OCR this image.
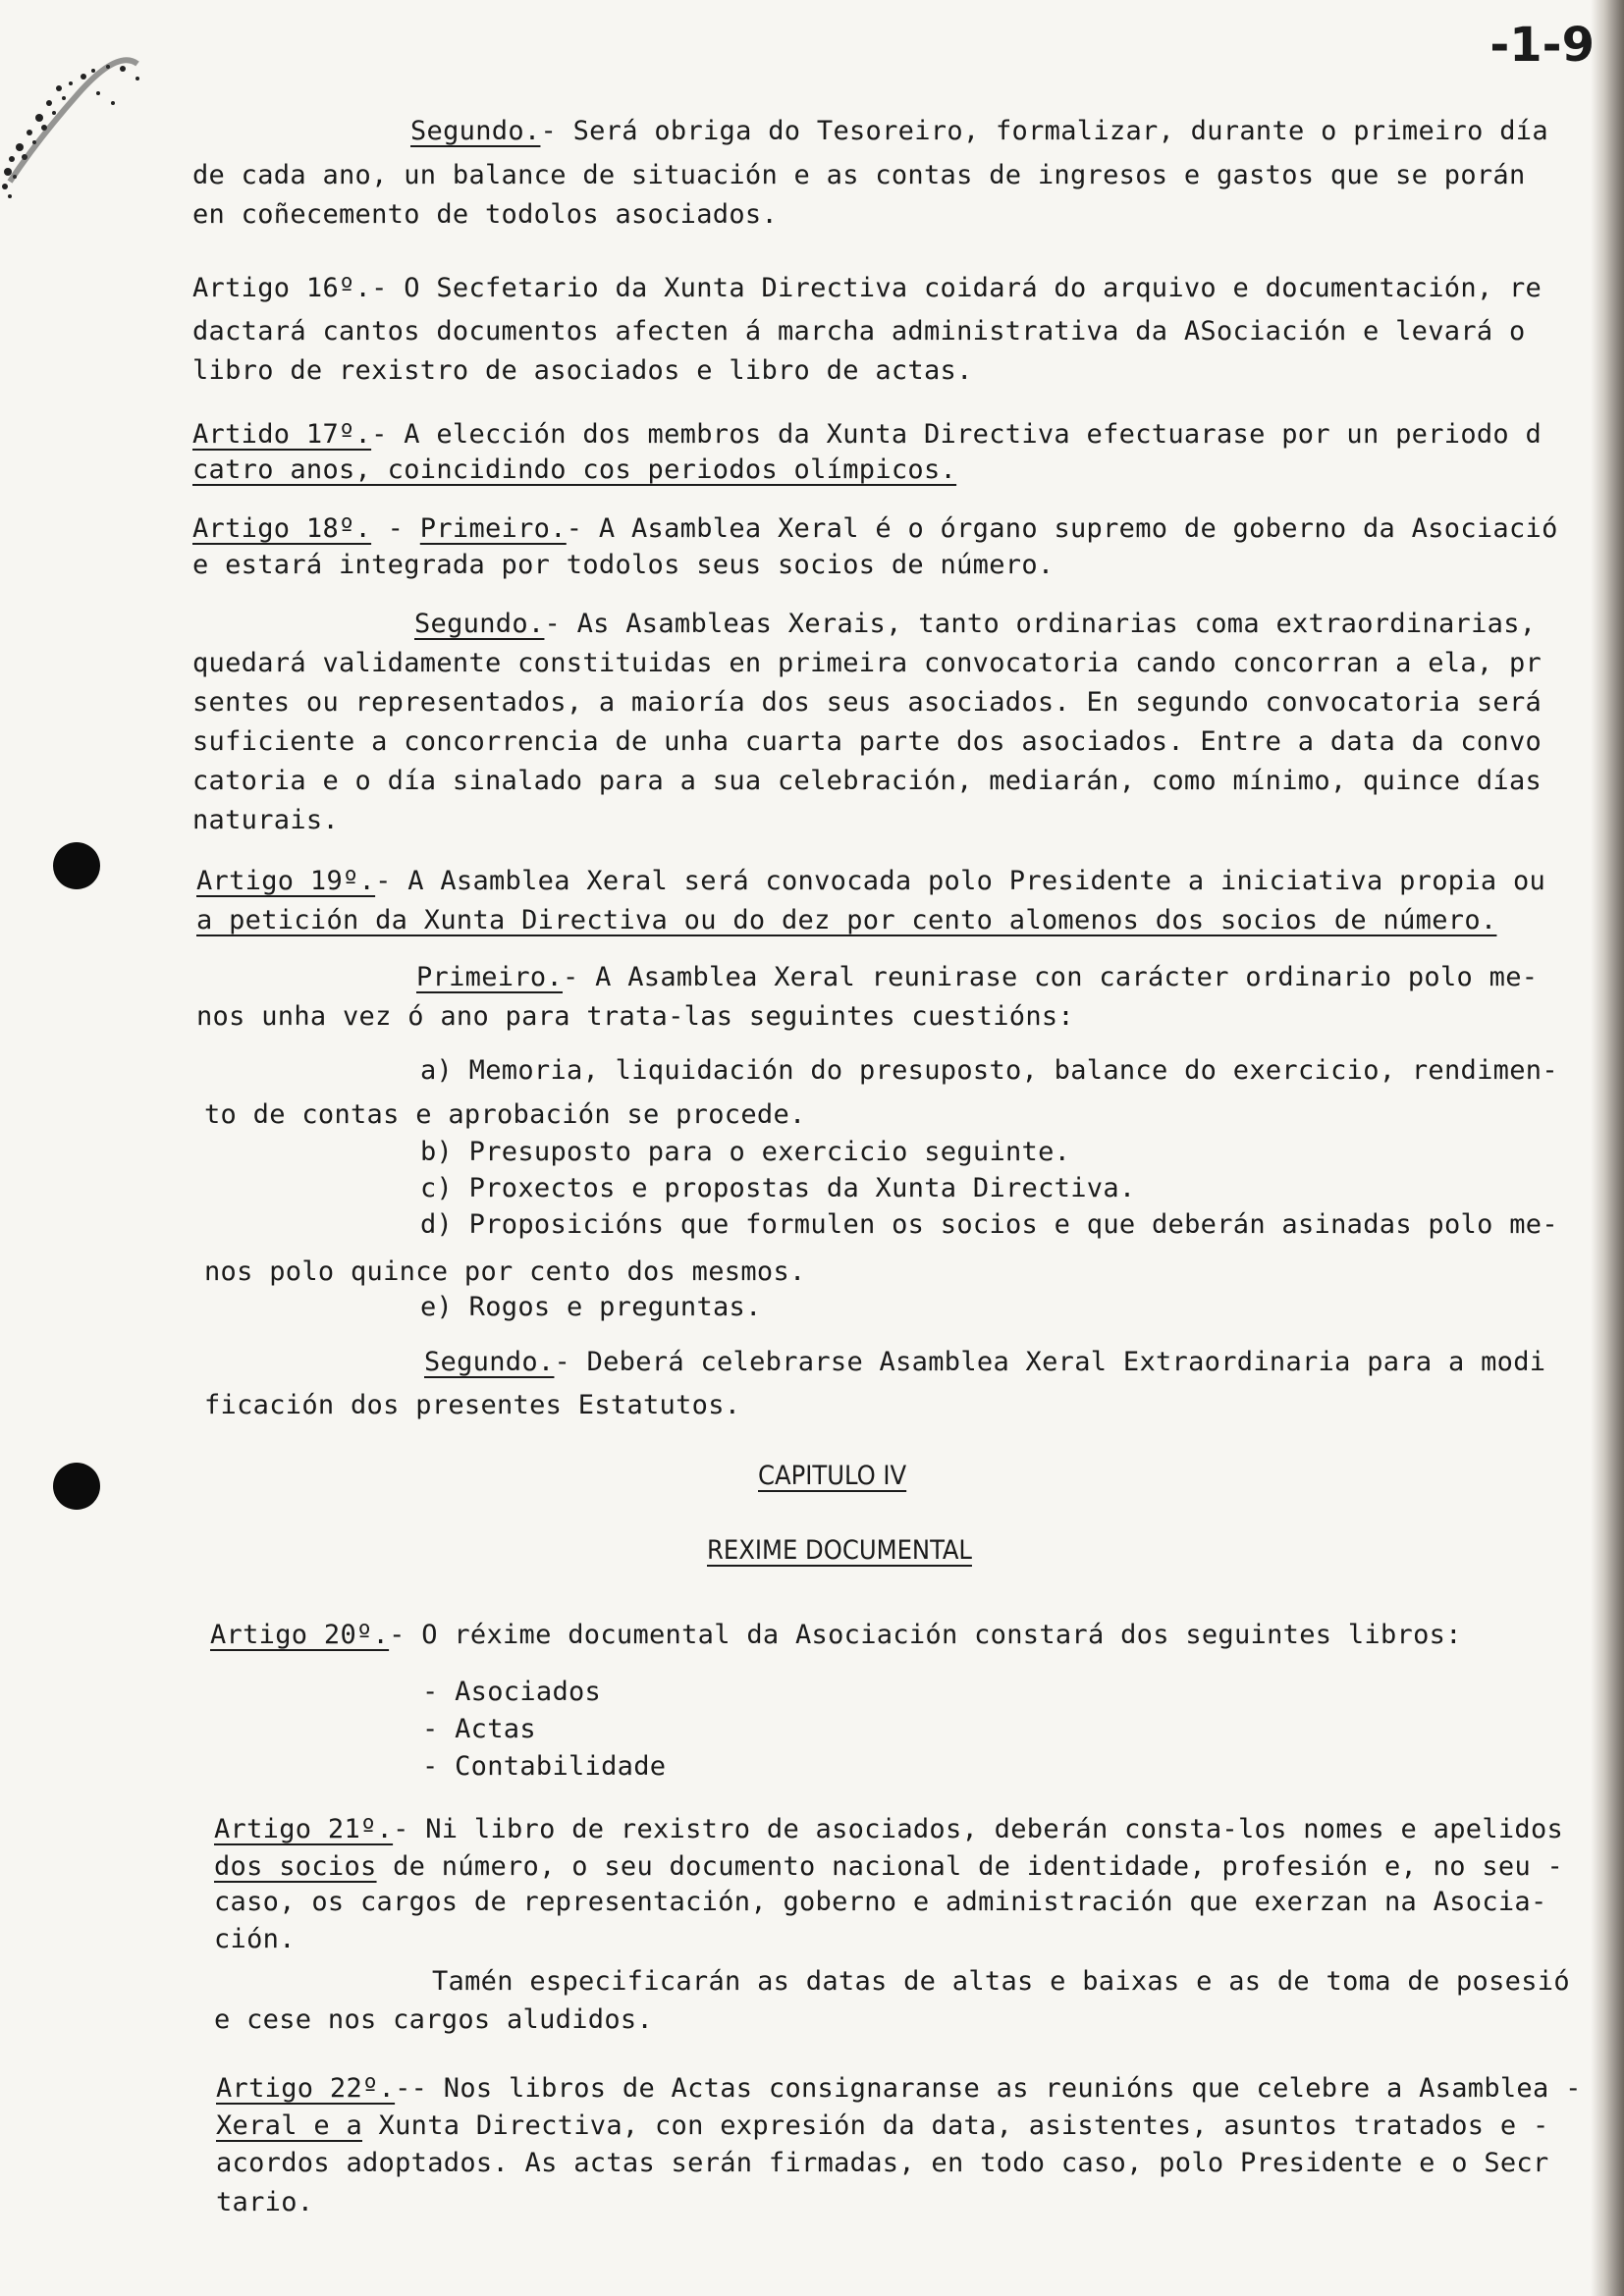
-1-9
Segundo.- Será obriga do Tesoreiro, formalizar, durante o primeiro día
de cada ano, un balance de situación e as contas de ingresos e gastos que se porán
en coñecemento de todolos asociados.
Artigo 16º.- O Secfetario da Xunta Directiva coidará do arquivo e documentación, re
dactará cantos documentos afecten á marcha administrativa da ASociación e levará o
libro de rexistro de asociados e libro de actas.
Artido 17º.- A elección dos membros da Xunta Directiva efectuarase por un periodo d
catro anos, coincidindo cos periodos olímpicos.
Artigo 18º. - Primeiro.- A Asamblea Xeral é o órgano supremo de goberno da Asociació
e estará integrada por todolos seus socios de número.
Segundo.- As Asambleas Xerais, tanto ordinarias coma extraordinarias,
quedará validamente constituidas en primeira convocatoria cando concorran a ela, pr
sentes ou representados, a maioría dos seus asociados. En segundo convocatoria será
suficiente a concorrencia de unha cuarta parte dos asociados. Entre a data da convo
catoria e o día sinalado para a sua celebración, mediarán, como mínimo, quince días
naturais.
Artigo 19º.- A Asamblea Xeral será convocada polo Presidente a iniciativa propia ou
a petición da Xunta Directiva ou do dez por cento alomenos dos socios de número.
Primeiro.- A Asamblea Xeral reunirase con carácter ordinario polo me-
nos unha vez ó ano para trata-las seguintes cuestións:
a) Memoria, liquidación do presuposto, balance do exercicio, rendimen-
to de contas e aprobación se procede.
b) Presuposto para o exercicio seguinte.
c) Proxectos e propostas da Xunta Directiva.
d) Proposicións que formulen os socios e que deberán asinadas polo me-
nos polo quince por cento dos mesmos.
e) Rogos e preguntas.
Segundo.- Deberá celebrarse Asamblea Xeral Extraordinaria para a modi
ficación dos presentes Estatutos.
CAPITULO IV
REXIME DOCUMENTAL
Artigo 20º.- O réxime documental da Asociación constará dos seguintes libros:
- Asociados
- Actas
- Contabilidade
Artigo 21º.- Ni libro de rexistro de asociados, deberán consta-los nomes e apelidos
dos socios de número, o seu documento nacional de identidade, profesión e, no seu -
caso, os cargos de representación, goberno e administración que exerzan na Asocia-
ción.
Tamén especificarán as datas de altas e baixas e as de toma de posesió
e cese nos cargos aludidos.
Artigo 22º.-- Nos libros de Actas consignaranse as reunións que celebre a Asamblea -
Xeral e a Xunta Directiva, con expresión da data, asistentes, asuntos tratados e -
acordos adoptados. As actas serán firmadas, en todo caso, polo Presidente e o Secr
tario.
